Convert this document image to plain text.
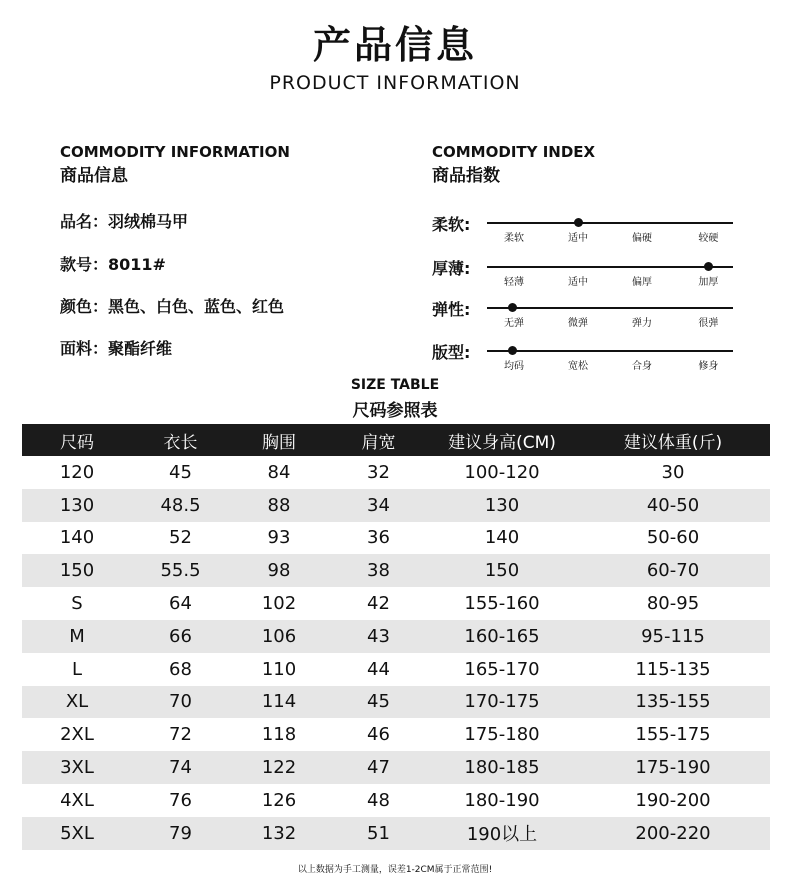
产品信息
PRODUCT INFORMATION
COMMODITY INFORMATION
商品信息
COMMODITY INDEX
商品指数
品名：羽绒棉马甲
款号：8011#
颜色：黑色、白色、蓝色、红色
面料：聚酯纤维
柔软:
柔软	适中	偏硬	较硬
厚薄:
轻薄	适中	偏厚	加厚
弹性:
无弹	微弹	弹力	很弹
版型:
均码	宽松	合身	修身
SIZE TABLE
尺码参照表
尺码	衣长	胸围	肩宽	建议身高(CM)	建议体重(斤)
120	45	84	32	100-120	30
130	48.5	88	34	130	40-50
140	52	93	36	140	50-60
150	55.5	98	38	150	60-70
S	64	102	42	155-160	80-95
M	66	106	43	160-165	95-115
L	68	110	44	165-170	115-135
XL	70	114	45	170-175	135-155
2XL	72	118	46	175-180	155-175
3XL	74	122	47	180-185	175-190
4XL	76	126	48	180-190	190-200
5XL	79	132	51	190以上	200-220
以上数据为手工测量，误差1-2CM属于正常范围!
